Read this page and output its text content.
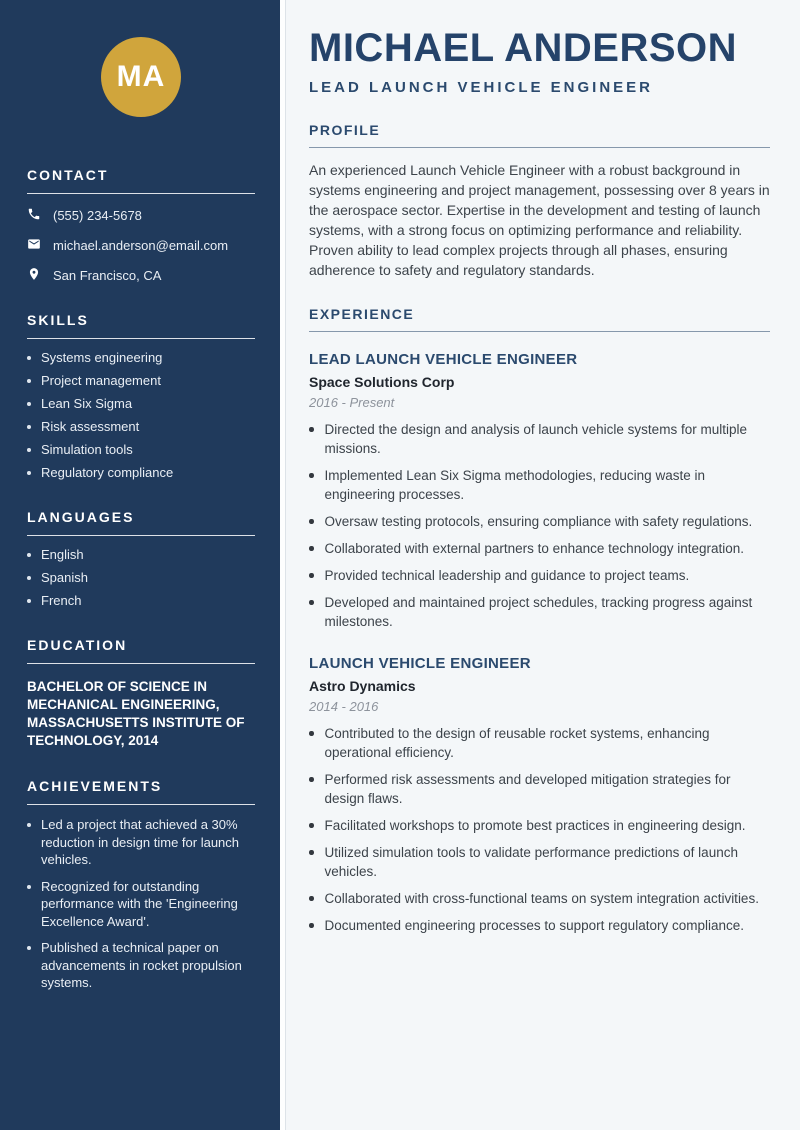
MA
CONTACT
(555) 234-5678
michael.anderson@email.com
San Francisco, CA
SKILLS
Systems engineering
Project management
Lean Six Sigma
Risk assessment
Simulation tools
Regulatory compliance
LANGUAGES
English
Spanish
French
EDUCATION
BACHELOR OF SCIENCE IN MECHANICAL ENGINEERING, MASSACHUSETTS INSTITUTE OF TECHNOLOGY, 2014
ACHIEVEMENTS
Led a project that achieved a 30% reduction in design time for launch vehicles.
Recognized for outstanding performance with the 'Engineering Excellence Award'.
Published a technical paper on advancements in rocket propulsion systems.
MICHAEL ANDERSON
LEAD LAUNCH VEHICLE ENGINEER
PROFILE

An experienced Launch Vehicle Engineer with a robust background in systems engineering and project management, possessing over 8 years in the aerospace sector. Expertise in the development and testing of launch systems, with a strong focus on optimizing performance and reliability. Proven ability to lead complex projects through all phases, ensuring adherence to safety and regulatory standards.

EXPERIENCE
LEAD LAUNCH VEHICLE ENGINEER
Space Solutions Corp
2016 - Present
Directed the design and analysis of launch vehicle systems for multiple missions.
Implemented Lean Six Sigma methodologies, reducing waste in engineering processes.
Oversaw testing protocols, ensuring compliance with safety regulations.
Collaborated with external partners to enhance technology integration.
Provided technical leadership and guidance to project teams.
Developed and maintained project schedules, tracking progress against milestones.
LAUNCH VEHICLE ENGINEER
Astro Dynamics
2014 - 2016
Contributed to the design of reusable rocket systems, enhancing operational efficiency.
Performed risk assessments and developed mitigation strategies for design flaws.
Facilitated workshops to promote best practices in engineering design.
Utilized simulation tools to validate performance predictions of launch vehicles.
Collaborated with cross-functional teams on system integration activities.
Documented engineering processes to support regulatory compliance.
